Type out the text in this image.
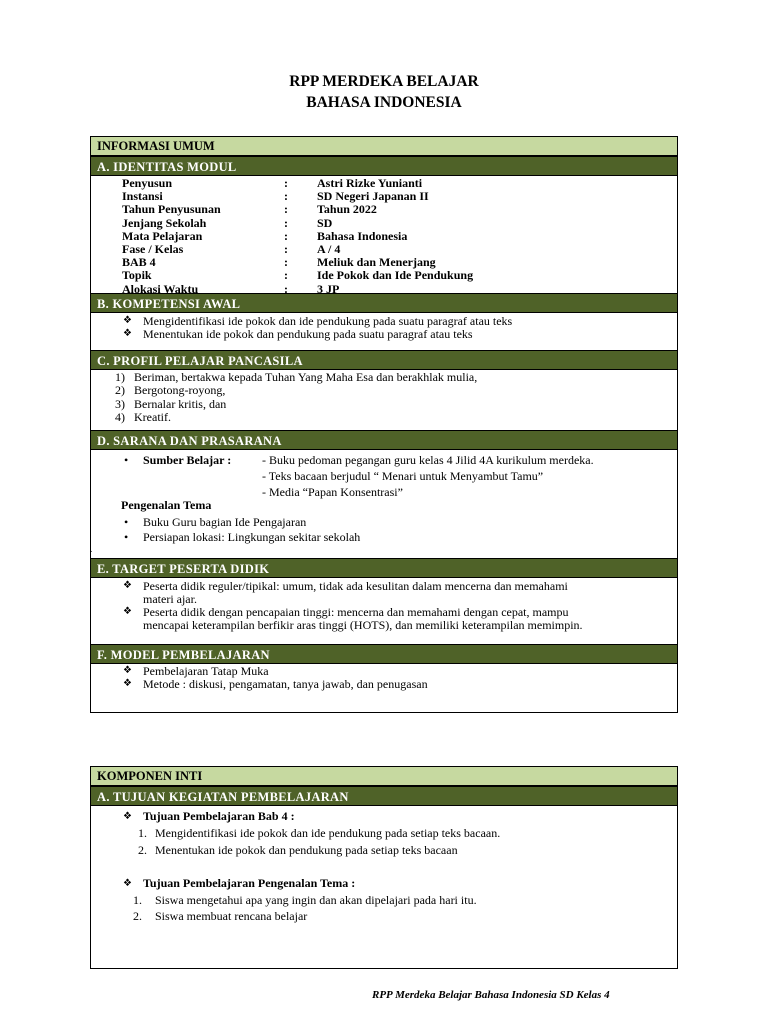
RPP MERDEKA BELAJAR
BAHASA INDONESIA
INFORMASI UMUM
A. IDENTITAS MODUL
Penyusun	: Astri Rizke Yunianti
Instansi	: SD Negeri Japanan II
Tahun Penyusunan	: Tahun 2022
Jenjang Sekolah	: SD
Mata Pelajaran	: Bahasa Indonesia
Fase / Kelas	: A / 4
BAB 4	: Meliuk dan Menerjang
Topik	: Ide Pokok dan Ide Pendukung
Alokasi Waktu	: 3 JP
B. KOMPETENSI AWAL
❖ Mengidentifikasi ide pokok dan ide pendukung pada suatu paragraf atau teks
❖ Menentukan ide pokok dan pendukung pada suatu paragraf atau teks
C. PROFIL PELAJAR PANCASILA
1) Beriman, bertakwa kepada Tuhan Yang Maha Esa dan berakhlak mulia,
2) Bergotong-royong,
3) Bernalar kritis, dan
4) Kreatif.
D. SARANA DAN PRASARANA
• Sumber Belajar :	- Buku pedoman pegangan guru kelas 4 Jilid 4A kurikulum merdeka.
- Teks bacaan berjudul “ Menari untuk Menyambut Tamu”
- Media “Papan Konsentrasi”
Pengenalan Tema
• Buku Guru bagian Ide Pengajaran
• Persiapan lokasi: Lingkungan sekitar sekolah
.
E. TARGET PESERTA DIDIK
❖ Peserta didik reguler/tipikal: umum, tidak ada kesulitan dalam mencerna dan memahami
materi ajar.
❖ Peserta didik dengan pencapaian tinggi: mencerna dan memahami dengan cepat, mampu
mencapai keterampilan berfikir aras tinggi (HOTS), dan memiliki keterampilan memimpin.
F. MODEL PEMBELAJARAN
❖ Pembelajaran Tatap Muka
❖ Metode : diskusi, pengamatan, tanya jawab, dan penugasan
KOMPONEN INTI
A. TUJUAN KEGIATAN PEMBELAJARAN
❖ Tujuan Pembelajaran Bab 4 :
1. Mengidentifikasi ide pokok dan ide pendukung pada setiap teks bacaan.
2. Menentukan ide pokok dan pendukung pada setiap teks bacaan
❖ Tujuan Pembelajaran Pengenalan Tema :
1. Siswa mengetahui apa yang ingin dan akan dipelajari pada hari itu.
2. Siswa membuat rencana belajar
RPP Merdeka Belajar Bahasa Indonesia SD Kelas 4
